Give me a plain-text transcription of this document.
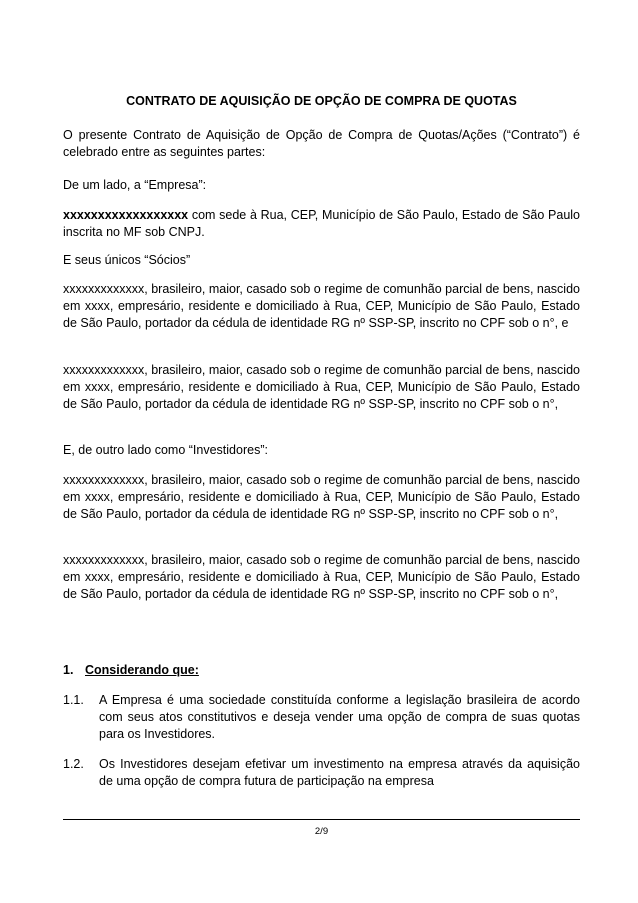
CONTRATO DE AQUISIÇÃO DE OPÇÃO DE COMPRA DE QUOTAS

O presente Contrato de Aquisição de Opção de Compra de Quotas/Ações (“Contrato”) é celebrado entre as seguintes partes:

De um lado, a “Empresa”:

xxxxxxxxxxxxxxxxxx com sede à Rua, CEP, Município de São Paulo, Estado de São Paulo inscrita no MF sob CNPJ.

E seus únicos “Sócios”

xxxxxxxxxxxxx, brasileiro, maior, casado sob o regime de comunhão parcial de bens, nascido em xxxx, empresário, residente e domiciliado à Rua, CEP, Município de São Paulo, Estado de São Paulo, portador da cédula de identidade RG nº SSP-SP, inscrito no CPF sob o n°, e

xxxxxxxxxxxxx, brasileiro, maior, casado sob o regime de comunhão parcial de bens, nascido em xxxx, empresário, residente e domiciliado à Rua, CEP, Município de São Paulo, Estado de São Paulo, portador da cédula de identidade RG nº SSP-SP, inscrito no CPF sob o n°,

E, de outro lado como “Investidores”:

xxxxxxxxxxxxx, brasileiro, maior, casado sob o regime de comunhão parcial de bens, nascido em xxxx, empresário, residente e domiciliado à Rua, CEP, Município de São Paulo, Estado de São Paulo, portador da cédula de identidade RG nº SSP-SP, inscrito no CPF sob o n°,

xxxxxxxxxxxxx, brasileiro, maior, casado sob o regime de comunhão parcial de bens, nascido em xxxx, empresário, residente e domiciliado à Rua, CEP, Município de São Paulo, Estado de São Paulo, portador da cédula de identidade RG nº SSP-SP, inscrito no CPF sob o n°,

1. Considerando que:
1.1. A Empresa é uma sociedade constituída conforme a legislação brasileira de acordo com seus atos constitutivos e deseja vender uma opção de compra de suas quotas para os Investidores.
1.2. Os Investidores desejam efetivar um investimento na empresa através da aquisição de uma opção de compra futura de participação na empresa
2/9
